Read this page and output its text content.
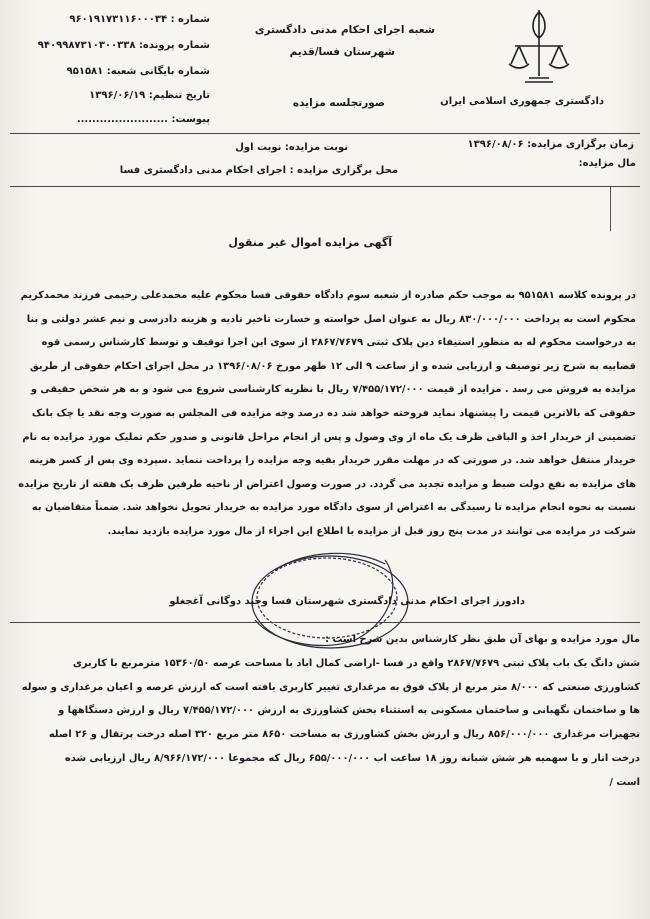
دادگستری جمهوری اسلامی ایران
شعبه اجرای احکام مدنی دادگستری
شهرستان فسا/قدیم
صورتجلسه مزایده
شماره : ۹۶۰۱۹۱۷۳۱۱۶۰۰۰۳۴
شماره پرونده: ۹۴۰۹۹۸۷۳۱۰۳۰۰۳۳۸
شماره بایگانی شعبه: ۹۵۱۵۸۱
تاریخ تنظیم: ۱۳۹۶/۰۶/۱۹
پیوست: ........................
زمان برگزاری مزایده: ۱۳۹۶/۰۸/۰۶
نوبت مزایده: نوبت اول
مال مزایده:
محل برگزاری مزایده : اجرای احکام مدنی دادگستری فسا
آگهی مزایده اموال غیر منقول
در پرونده کلاسه ۹۵۱۵۸۱ به موجب حکم صادره از شعبه سوم دادگاه حقوقی فسا محکوم علیه محمدعلی رحیمی فرزند محمدکریم
محکوم است به پرداخت ۸۳۰/۰۰۰/۰۰۰ ریال به عنوان اصل خواسته و خسارت تاخیر تادیه و هزینه دادرسی و نیم عشر دولتی و بنا
به درخواست محکوم له به منظور استیفاء دین پلاک ثبتی ۲۸۶۷/۷۶۷۹ از سوی این اجرا توقیف و توسط کارشناس رسمی قوه
قضاییه به شرح زیر توصیف و ارزیابی شده و از ساعت ۹ الی ۱۲ ظهر مورخ ۱۳۹۶/۰۸/۰۶ در محل اجرای احکام حقوقی از طریق
مزایده به فروش می رسد . مزایده از قیمت ۷/۴۵۵/۱۷۲/۰۰۰ ریال با نظریه کارشناسی شروع می شود و به هر شخص حقیقی و
حقوقی که بالاترین قیمت را پیشنهاد نماید فروخته خواهد شد ده درصد وجه مزایده فی المجلس به صورت وجه نقد یا چک بانک
تضمینی از خریدار اخذ و الباقی ظرف یک ماه از وی وصول و پس از انجام مراحل قانونی و صدور حکم تملیک مورد مزایده به نام
خریدار منتقل خواهد شد. در صورتی که در مهلت مقرر خریدار بقیه وجه مزایده را پرداخت ننماید .سپرده وی پس از کسر هزینه
های مزایده به نفع دولت ضبط و مزایده تجدید می گردد. در صورت وصول اعتراض از ناحیه طرفین ظرف یک هفته از تاریخ مزایده
نسبت به نحوه انجام مزایده تا رسیدگی به اعتراض از سوی دادگاه مورد مزایده به خریدار تحویل نخواهد شد. ضمناً متقاضیان به
شرکت در مزایده می توانند در مدت پنج روز قبل از مزایده با اطلاع این اجراء از مال مورد مزایده بازدید نمایند.
دادورز اجرای احکام مدنی دادگستری شهرستان فسا وحید دوگانی آغجغلو
مال مورد مزایده و بهای آن طبق نظر کارشناس بدین شرح است :
شش دانگ یک باب پلاک ثبتی ۲۸۶۷/۷۶۷۹ واقع در فسا -اراضی کمال اباد با مساحت عرصه ۱۵۳۶۰/۵۰ مترمربع با کاربری
کشاورزی صنعتی که ۸/۰۰۰ متر مربع از پلاک فوق به مرغداری تغییر کاربری یافته است که ارزش عرصه و اعیان مرغداری و سوله
ها و ساختمان نگهبانی و ساختمان مسکونی به استثناء بخش کشاورزی به ارزش ۷/۴۵۵/۱۷۲/۰۰۰ ریال و ارزش دستگاهها و
تجهیزات مرغداری ۸۵۶/۰۰۰/۰۰۰ ریال و ارزش بخش کشاورزی به مساحت ۸۶۵۰ متر مربع ۳۲۰ اصله درخت پرتقال و ۲۶ اصله
درخت انار و با سهمیه هر شش شبانه روز ۱۸ ساعت اب ۶۵۵/۰۰۰/۰۰۰ ریال که مجموعا ۸/۹۶۶/۱۷۲/۰۰۰ ریال ارزیابی شده
است /
